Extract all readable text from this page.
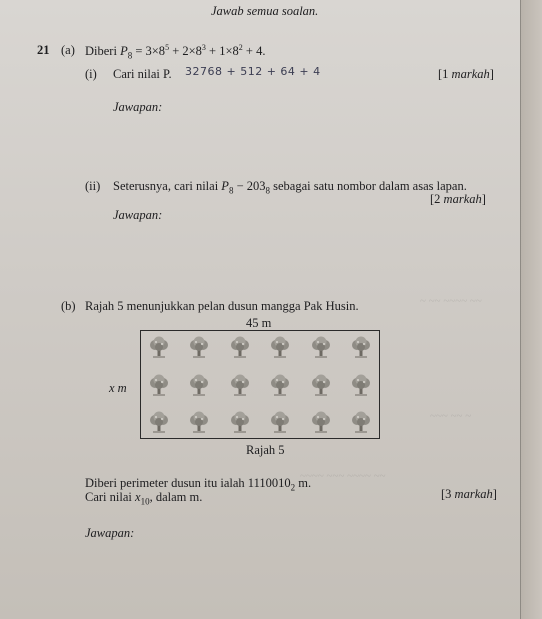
~ ~~ ~~~~ ~~
~~~ ~~ ~
~~~~ ~~~ ~~~~ ~~
Jawab semua soalan.
21 (a) Diberi $P_8 = 3\times 8^5 + 2\times 8^3 + 1\times 8^2 + 4$.
(i) Cari nilai P. 32768 + 512 + 64 + 4	[1 markah]
Jawapan:
(ii) Seterusnya, cari nilai $P_8 - 203_8$ sebagai satu nombor dalam asas lapan.
[2 markah]
Jawapan:
(b) Rajah 5 menunjukkan pelan dusun mangga Pak Husin.
45 m
x m
Rajah 5
Diberi perimeter dusun itu ialah $1110010_2$ m.
Cari nilai $x_{10}$, dalam m.	[3 markah]
Jawapan:
